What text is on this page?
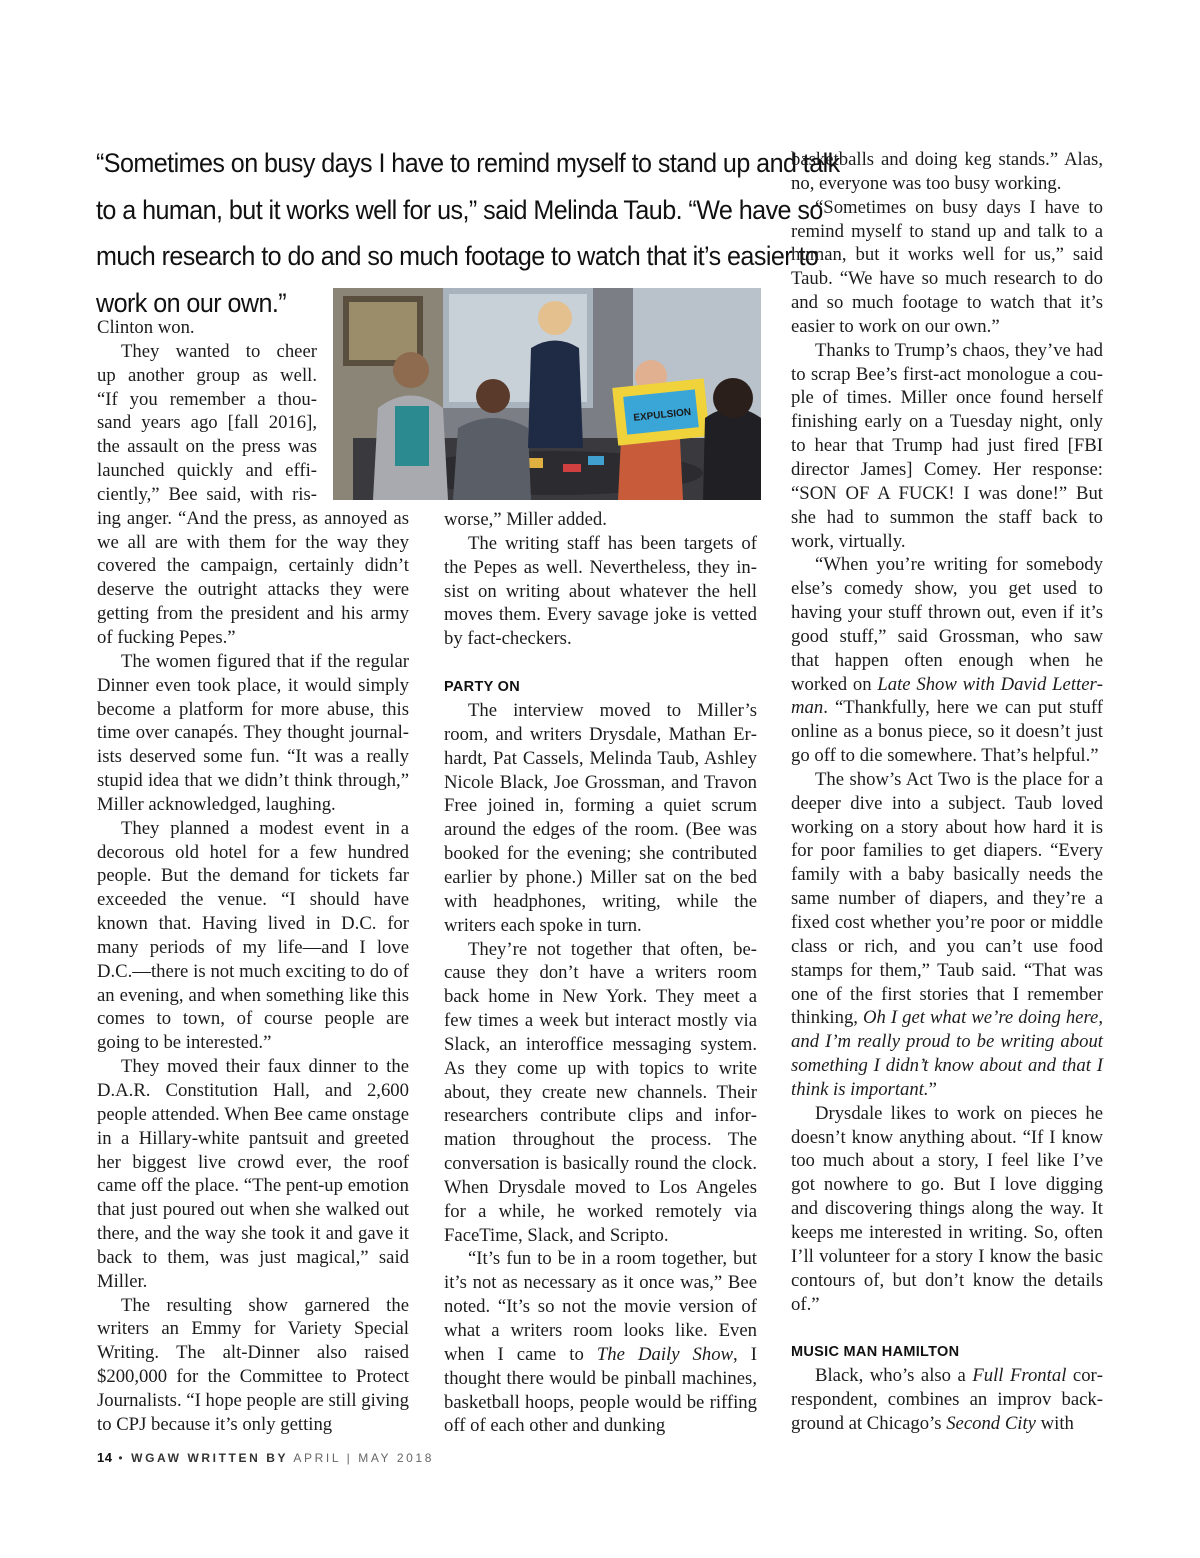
“Sometimes on busy days I have to remind myself to stand up and talk
to a human, but it works well for us,” said Melinda Taub. “We have so
much research to do and so much footage to watch that it’s easier to
work on our own.”
EXPULSION

Clinton won.

They wanted to cheer
up another group as well.
“If you remember a thou-
sand years ago [fall 2016],
the assault on the press was
launched quickly and effi-
ciently,” Bee said, with ris-

ing anger. “And the press, as annoyed as we all are with them for the way they covered the campaign, certainly didn’t deserve the outright attacks they were getting from the president and his army of fucking Pepes.”

The women figured that if the regular Dinner even took place, it would simply become a platform for more abuse, this time over canapés. They thought journalists deserved some fun. “It was a really stupid idea that we didn’t think through,” Miller acknowledged, laughing.

They planned a modest event in a decorous old hotel for a few hundred people. But the demand for tickets far exceeded the venue. “I should have known that. Having lived in D.C. for many periods of my life—and I love D.C.—there is not much exciting to do of an evening, and when something like this comes to town, of course people are going to be interested.”

They moved their faux dinner to the D.A.R. Constitution Hall, and 2,600 people attended. When Bee came onstage in a Hillary-white pantsuit and greeted her biggest live crowd ever, the roof came off the place. “The pent-up emotion that just poured out when she walked out there, and the way she took it and gave it back to them, was just magical,” said Miller.

The resulting show garnered the writers an Emmy for Variety Special Writing. The alt-Dinner also raised $200,000 for the Committee to Protect Journalists. “I hope people are still giving to CPJ because it’s only getting

worse,” Miller added.

The writing staff has been targets of the Pepes as well. Nevertheless, they insist on writing about whatever the hell moves them. Every savage joke is vetted by fact-checkers.

PARTY ON

The interview moved to Miller’s room, and writers Drysdale, Mathan Erhardt, Pat Cassels, Melinda Taub, Ashley Nicole Black, Joe Grossman, and Travon Free joined in, forming a quiet scrum around the edges of the room. (Bee was booked for the evening; she contributed earlier by phone.) Miller sat on the bed with headphones, writing, while the writers each spoke in turn.

They’re not together that often, because they don’t have a writers room back home in New York. They meet a few times a week but interact mostly via Slack, an interoffice messaging system. As they come up with topics to write about, they create new channels. Their researchers contribute clips and information throughout the process. The conversation is basically round the clock. When Drysdale moved to Los Angeles for a while, he worked remotely via FaceTime, Slack, and Scripto.

“It’s fun to be in a room together, but it’s not as necessary as it once was,” Bee noted. “It’s so not the movie version of what a writers room looks like. Even when I came to The Daily Show, I thought there would be pinball machines, basketball hoops, people would be riffing off of each other and dunking

basketballs and doing keg stands.” Alas, no, everyone was too busy working.

“Sometimes on busy days I have to remind myself to stand up and talk to a human, but it works well for us,” said Taub. “We have so much research to do and so much footage to watch that it’s easier to work on our own.”

Thanks to Trump’s chaos, they’ve had to scrap Bee’s first-act monologue a couple of times. Miller once found herself finishing early on a Tuesday night, only to hear that Trump had just fired [FBI director James] Comey. Her response: “SON OF A FUCK! I was done!” But she had to summon the staff back to work, virtually.

“When you’re writing for somebody else’s comedy show, you get used to having your stuff thrown out, even if it’s good stuff,” said Grossman, who saw that happen often enough when he worked on Late Show with David Letterman. “Thankfully, here we can put stuff online as a bonus piece, so it doesn’t just go off to die somewhere. That’s helpful.”

The show’s Act Two is the place for a deeper dive into a subject. Taub loved working on a story about how hard it is for poor families to get diapers. “Every family with a baby basically needs the same number of diapers, and they’re a fixed cost whether you’re poor or middle class or rich, and you can’t use food stamps for them,” Taub said. “That was one of the first stories that I remember thinking, Oh I get what we’re doing here, and I’m really proud to be writing about something I didn’t know about and that I think is important.”

Drysdale likes to work on pieces he doesn’t know anything about. “If I know too much about a story, I feel like I’ve got nowhere to go. But I love digging and discovering things along the way. It keeps me interested in writing. So, often I’ll volunteer for a story I know the basic contours of, but don’t know the details of.”

MUSIC MAN HAMILTON

Black, who’s also a Full Frontal correspondent, combines an improv background at Chicago’s Second City with

14 • WGAW WRITTEN BY APRIL | MAY 2018
